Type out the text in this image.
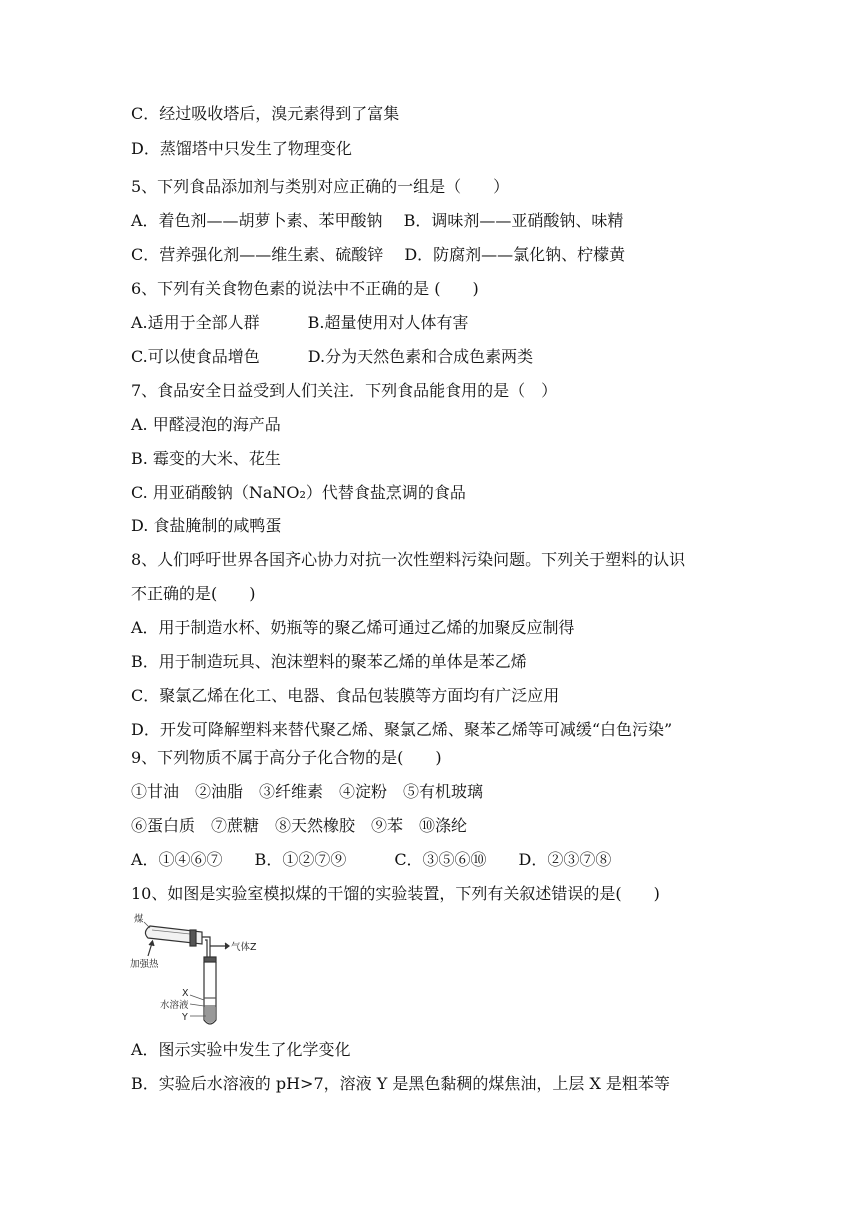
C．经过吸收塔后，溴元素得到了富集
D．蒸馏塔中只发生了物理变化
5、下列食品添加剂与类别对应正确的一组是（　　）
A．着色剂——胡萝卜素、苯甲酸钠　 B．调味剂——亚硝酸钠、味精
C．营养强化剂——维生素、硫酸锌　 D．防腐剂——氯化钠、柠檬黄
6、下列有关食物色素的说法中不正确的是 (　　)
A.适用于全部人群　　　B.超量使用对人体有害
C.可以使食品增色　　　D.分为天然色素和合成色素两类
7、食品安全日益受到人们关注．下列食品能食用的是（　）
A. 甲醛浸泡的海产品
B. 霉变的大米、花生
C. 用亚硝酸钠（NaNO₂）代替食盐烹调的食品
D. 食盐腌制的咸鸭蛋
8、人们呼吁世界各国齐心协力对抗一次性塑料污染问题。下列关于塑料的认识
不正确的是(　　)
A．用于制造水杯、奶瓶等的聚乙烯可通过乙烯的加聚反应制得
B．用于制造玩具、泡沫塑料的聚苯乙烯的单体是苯乙烯
C．聚氯乙烯在化工、电器、食品包装膜等方面均有广泛应用
D．开发可降解塑料来替代聚乙烯、聚氯乙烯、聚苯乙烯等可减缓“白色污染”
9、下列物质不属于高分子化合物的是(　　)
①甘油　②油脂　③纤维素　④淀粉　⑤有机玻璃
⑥蛋白质　⑦蔗糖　⑧天然橡胶　⑨苯　⑩涤纶
A．①④⑥⑦　　B．①②⑦⑨　　　C．③⑤⑥⑩　　D．②③⑦⑧
10、如图是实验室模拟煤的干馏的实验装置，下列有关叙述错误的是(　　)
煤
加强热
气体Z
X
水溶液
Y
A．图示实验中发生了化学变化
B．实验后水溶液的 pH>7，溶液 Y 是黑色黏稠的煤焦油，上层 X 是粗苯等
